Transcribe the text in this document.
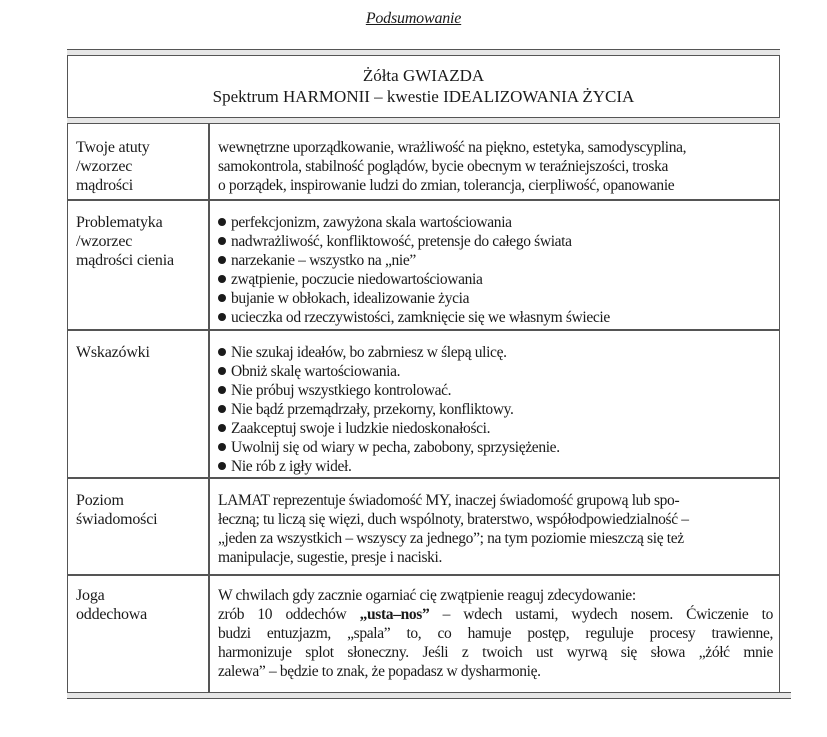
Podsumowanie
Żółta GWIAZDA
Spektrum HARMONII – kwestie IDEALIZOWANIA ŻYCIA
Twoje atuty
/wzorzec
mądrości
wewnętrzne uporządkowanie, wrażliwość na piękno, estetyka, samodyscyplina,
samokontrola, stabilność poglądów, bycie obecnym w teraźniejszości, troska
o porządek, inspirowanie ludzi do zmian, tolerancja, cierpliwość, opanowanie
Problematyka
/wzorzec
mądrości cienia
perfekcjonizm, zawyżona skala wartościowania
nadwrażliwość, konfliktowość, pretensje do całego świata
narzekanie – wszystko na „nie”
zwątpienie, poczucie niedowartościowania
bujanie w obłokach, idealizowanie życia
ucieczka od rzeczywistości, zamknięcie się we własnym świecie
Wskazówki	Nie szukaj ideałów, bo zabrniesz w ślepą ulicę.
Obniż skalę wartościowania.
Nie próbuj wszystkiego kontrolować.
Nie bądź przemądrzały, przekorny, konfliktowy.
Zaakceptuj swoje i ludzkie niedoskonałości.
Uwolnij się od wiary w pecha, zabobony, sprzysiężenie.
Nie rób z igły wideł.
Poziom
świadomości
LAMAT reprezentuje świadomość MY, inaczej świadomość grupową lub spo-
łeczną; tu liczą się więzi, duch wspólnoty, braterstwo, współodpowiedzialność –
„jeden za wszystkich – wszyscy za jednego”; na tym poziomie mieszczą się też
manipulacje, sugestie, presje i naciski.
Joga
oddechowa
W chwilach gdy zacznie ogarniać cię zwątpienie reaguj zdecydowanie:
zrób 10 oddechów „usta–nos” – wdech ustami, wydech nosem. Ćwiczenie to
budzi entuzjazm, „spala” to, co hamuje postęp, reguluje procesy trawienne,
harmonizuje splot słoneczny. Jeśli z twoich ust wyrwą się słowa „żółć mnie
zalewa” – będzie to znak, że popadasz w dysharmonię.
